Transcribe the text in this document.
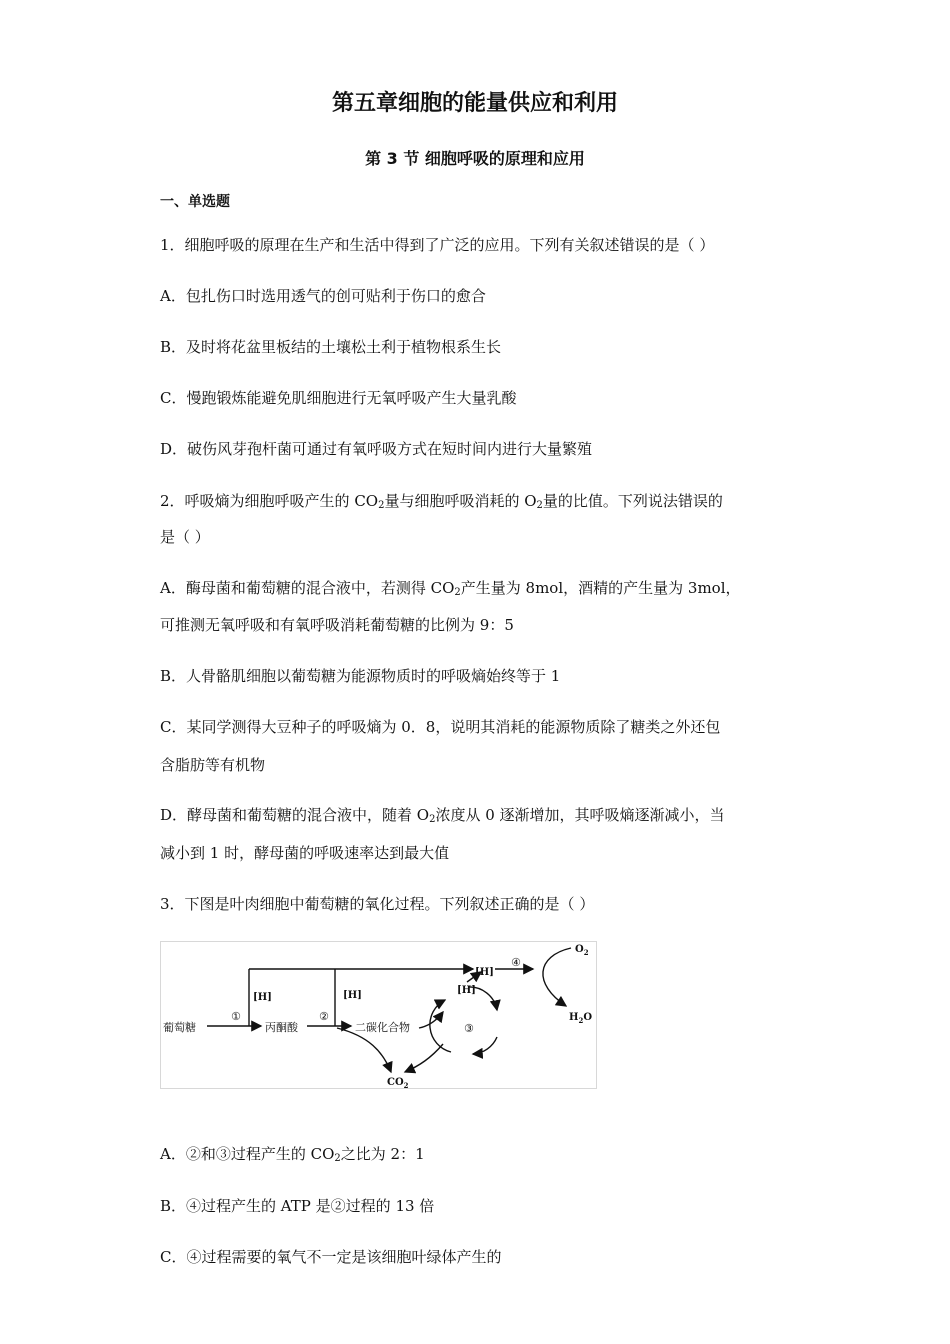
第五章细胞的能量供应和利用
第 3 节 细胞呼吸的原理和应用
一、单选题
1．细胞呼吸的原理在生产和生活中得到了广泛的应用。下列有关叙述错误的是（ ）
A．包扎伤口时选用透气的创可贴利于伤口的愈合
B．及时将花盆里板结的土壤松土利于植物根系生长
C．慢跑锻炼能避免肌细胞进行无氧呼吸产生大量乳酸
D．破伤风芽孢杆菌可通过有氧呼吸方式在短时间内进行大量繁殖
2．呼吸熵为细胞呼吸产生的 $CO_2$量与细胞呼吸消耗的 $O_2$量的比值。下列说法错误的
是（ ）
A．酶母菌和葡萄糖的混合液中，若测得 $CO_2$产生量为 8mol，酒精的产生量为 3mol，
可推测无氧呼吸和有氧呼吸消耗葡萄糖的比例为 9：5
B．人骨骼肌细胞以葡萄糖为能源物质时的呼吸熵始终等于 1
C．某同学测得大豆种子的呼吸熵为 0．8，说明其消耗的能源物质除了糖类之外还包
含脂肪等有机物
D．酵母菌和葡萄糖的混合液中，随着 $O_2$浓度从 0 逐渐增加，其呼吸熵逐渐减小，当
减小到 1 时，酵母菌的呼吸速率达到最大值
3．下图是叶肉细胞中葡萄糖的氧化过程。下列叙述正确的是（ ）
葡萄糖
①
[H]
丙酮酸
②
[H]
二碳化合物	③
[H]
[H]
④
$O_2$
$H_2O$
$CO_2$
A．②和③过程产生的 $CO_2$之比为 2：1
B．④过程产生的 ATP 是②过程的 13 倍
C．④过程需要的氧气不一定是该细胞叶绿体产生的
